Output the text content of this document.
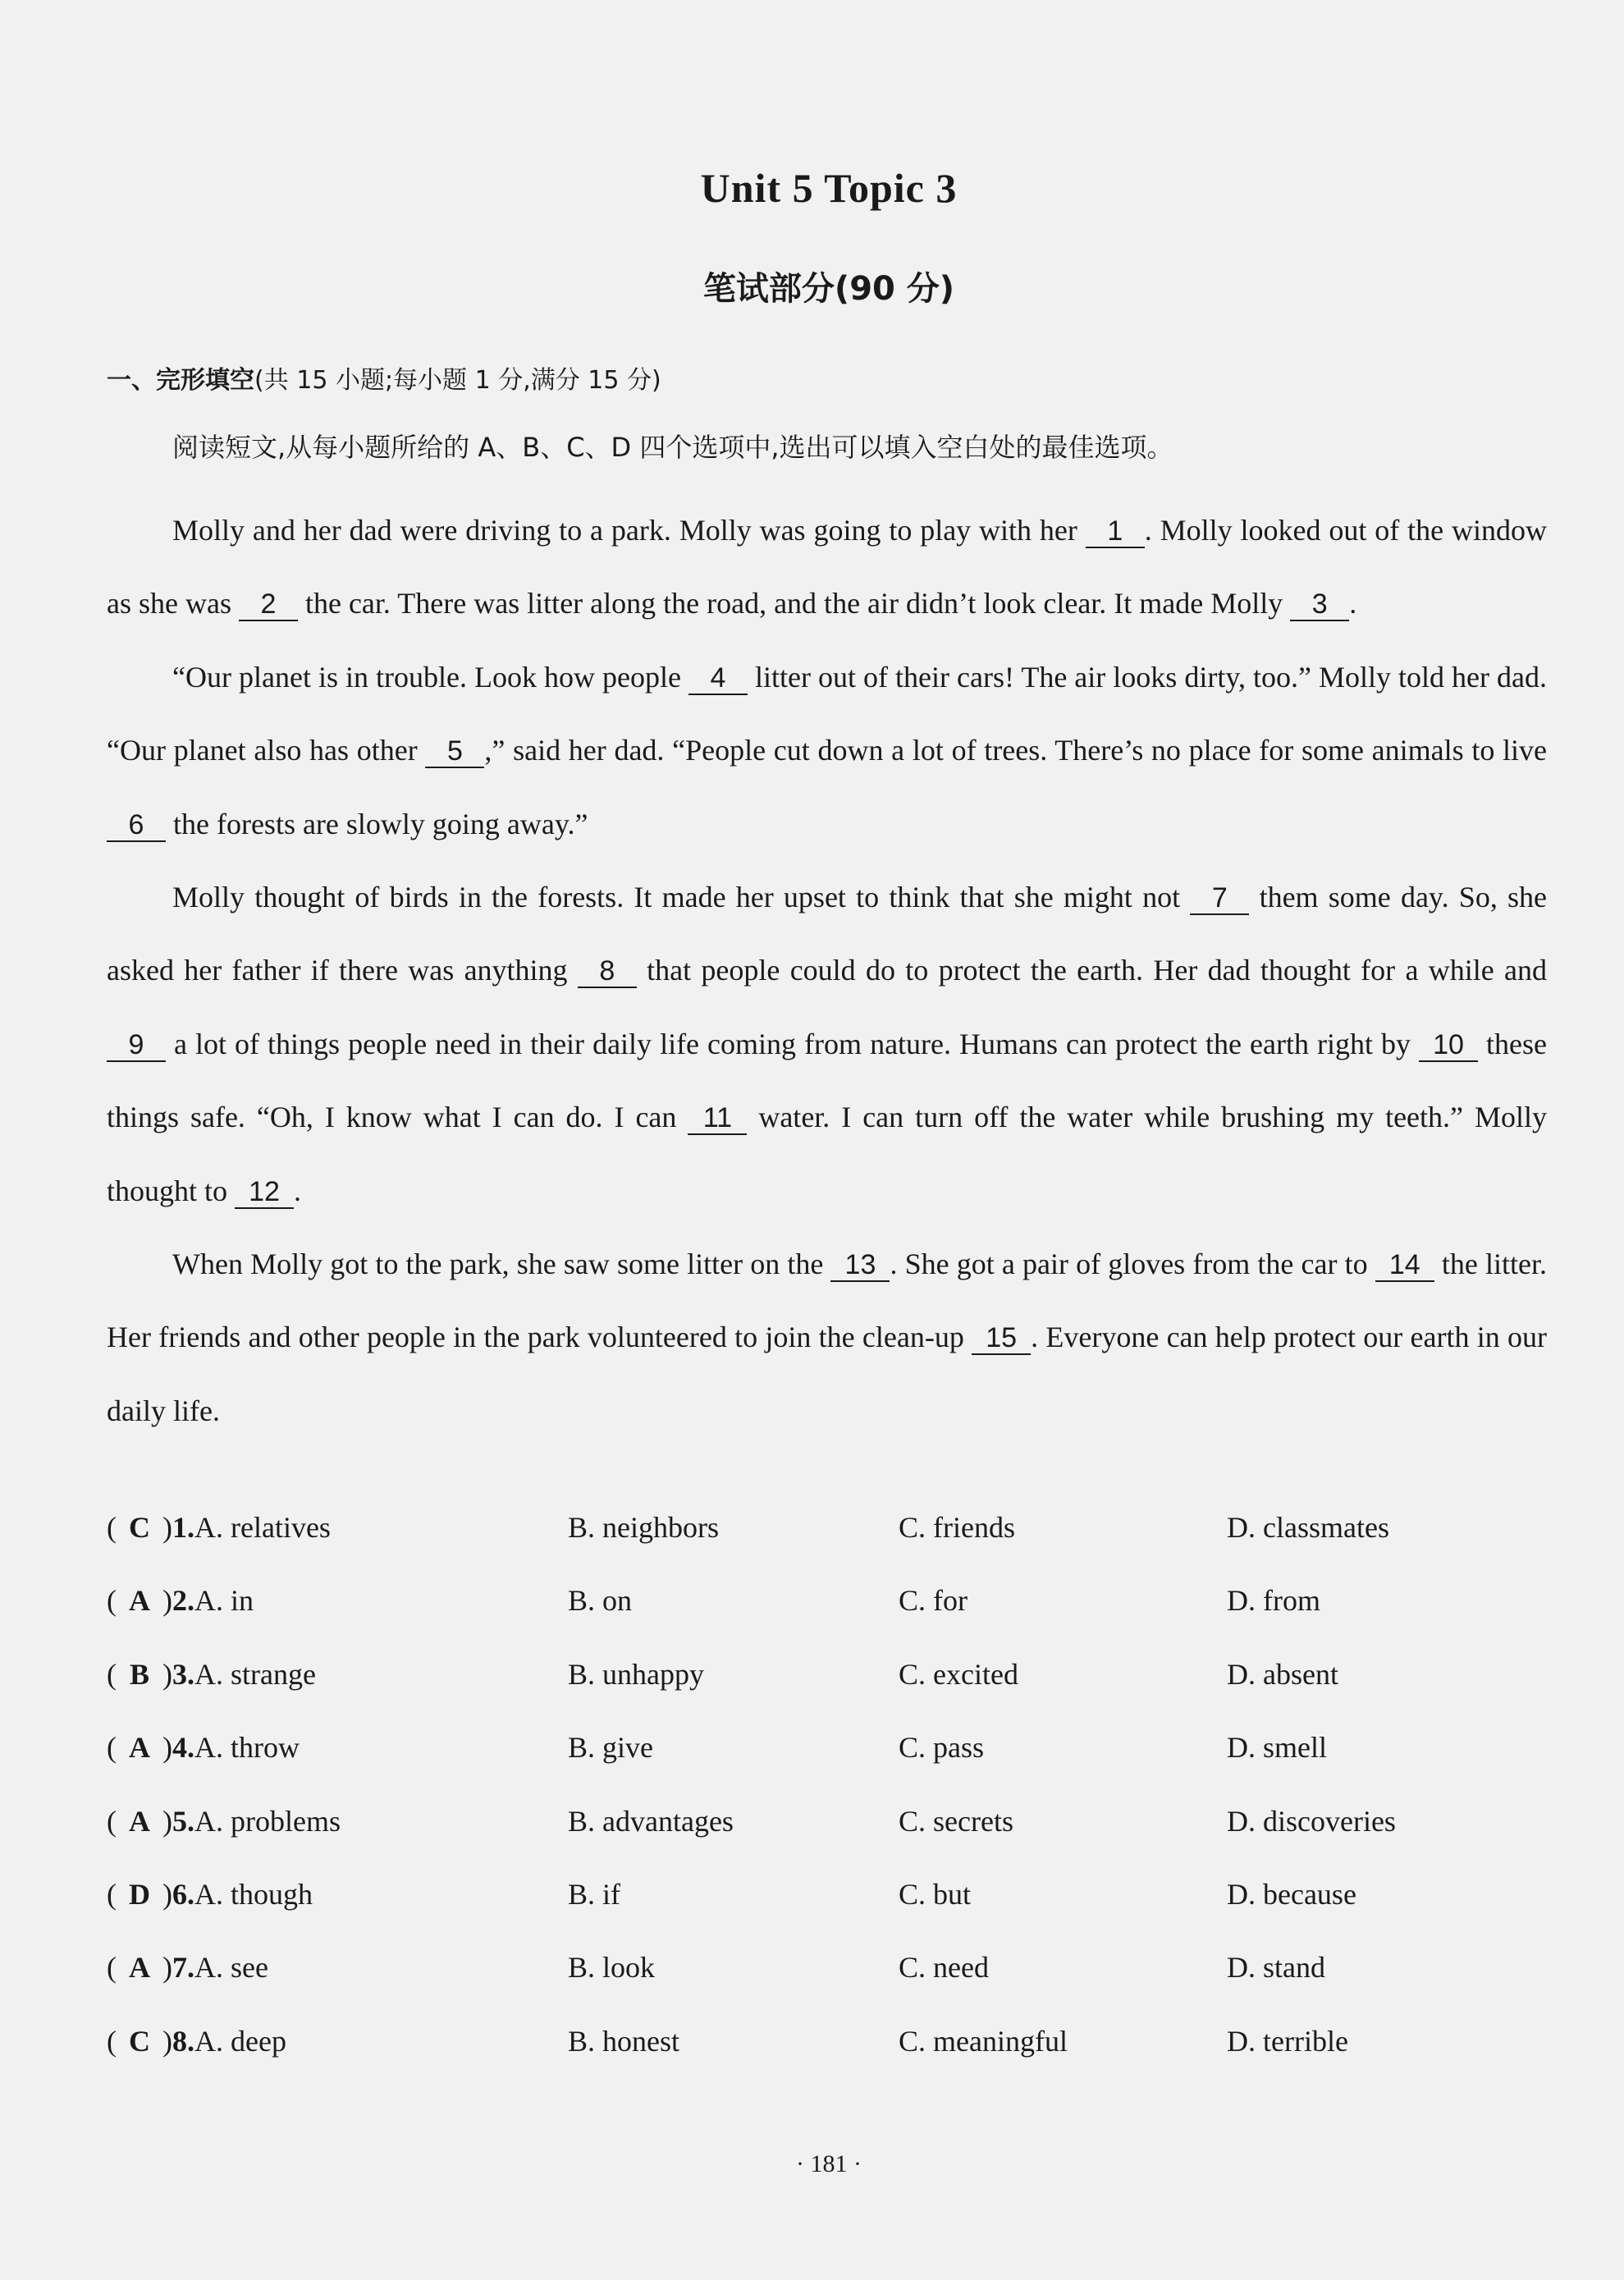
Unit 5 Topic 3
笔试部分(90 分)
一、完形填空(共 15 小题;每小题 1 分,满分 15 分)
阅读短文,从每小题所给的 A、B、C、D 四个选项中,选出可以填入空白处的最佳选项。

Molly and her dad were driving to a park. Molly was going to play with her 1 . Molly looked out of the window as she was 2 the car. There was litter along the road, and the air didn’t look clear. It made Molly 3 .

“Our planet is in trouble. Look how people 4 litter out of their cars! The air looks dirty, too.” Molly told her dad. “Our planet also has other 5 ,” said her dad. “People cut down a lot of trees. There’s no place for some animals to live 6 the forests are slowly going away.”

Molly thought of birds in the forests. It made her upset to think that she might not 7 them some day. So, she asked her father if there was anything 8 that people could do to protect the earth. Her dad thought for a while and 9 a lot of things people need in their daily life coming from nature. Humans can protect the earth right by 10 these things safe. “Oh, I know what I can do. I can 11 water. I can turn off the water while brushing my teeth.” Molly thought to 12 .

When Molly got to the park, she saw some litter on the 13 . She got a pair of gloves from the car to 14 the litter. Her friends and other people in the park volunteered to join the clean-up 15 . Everyone can help protect our earth in our daily life.

( C )1.A. relatives	B. neighbors	C. friends	D. classmates
( A )2.A. in	B. on	C. for	D. from
( B )3.A. strange	B. unhappy	C. excited	D. absent
( A )4.A. throw	B. give	C. pass	D. smell
( A )5.A. problems	B. advantages	C. secrets	D. discoveries
( D )6.A. though	B. if	C. but	D. because
( A )7.A. see	B. look	C. need	D. stand
( C )8.A. deep	B. honest	C. meaningful	D. terrible
· 181 ·
